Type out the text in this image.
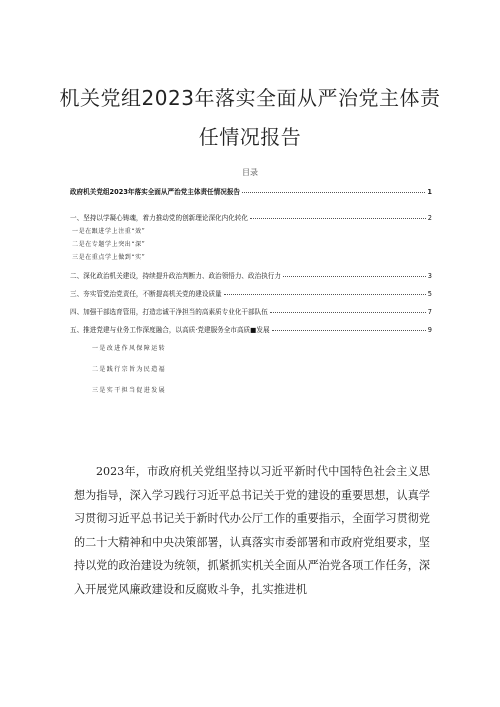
机关党组2023年落实全面从严治党主体责
任情况报告
目录
政府机关党组2023年落实全面从严治党主体责任情况报告	1
一、坚持以学凝心铸魂，着力推动党的创新理论深化内化转化	2
一是在跟进学上注重“效”
二是在专题学上突出“深”
三是在重点学上做到“实”
二、深化政治机关建设，持续提升政治判断力、政治领悟力、政治执行力	3
三、夯实管党治党责任，不断提高机关党的建设质量	5
四、加强干部选育管用，打造忠诚干净担当的高素质专业化干部队伍	7
五、推进党建与业务工作深度融合，以高质·党建服务全市高质■发展	9
一是改进作风保障运转
二是践行宗旨为民造福
三是实干担当促进发展

2023年，市政府机关党组坚持以习近平新时代中国特色社会主义思想为指导，深入学习践行习近平总书记关于党的建设的重要思想，认真学习贯彻习近平总书记关于新时代办公厅工作的重要指示，全面学习贯彻党的二十大精神和中央决策部署，认真落实市委部署和市政府党组要求，坚持以党的政治建设为统领，抓紧抓实机关全面从严治党各项工作任务，深入开展党风廉政建设和反腐败斗争，扎实推进机
